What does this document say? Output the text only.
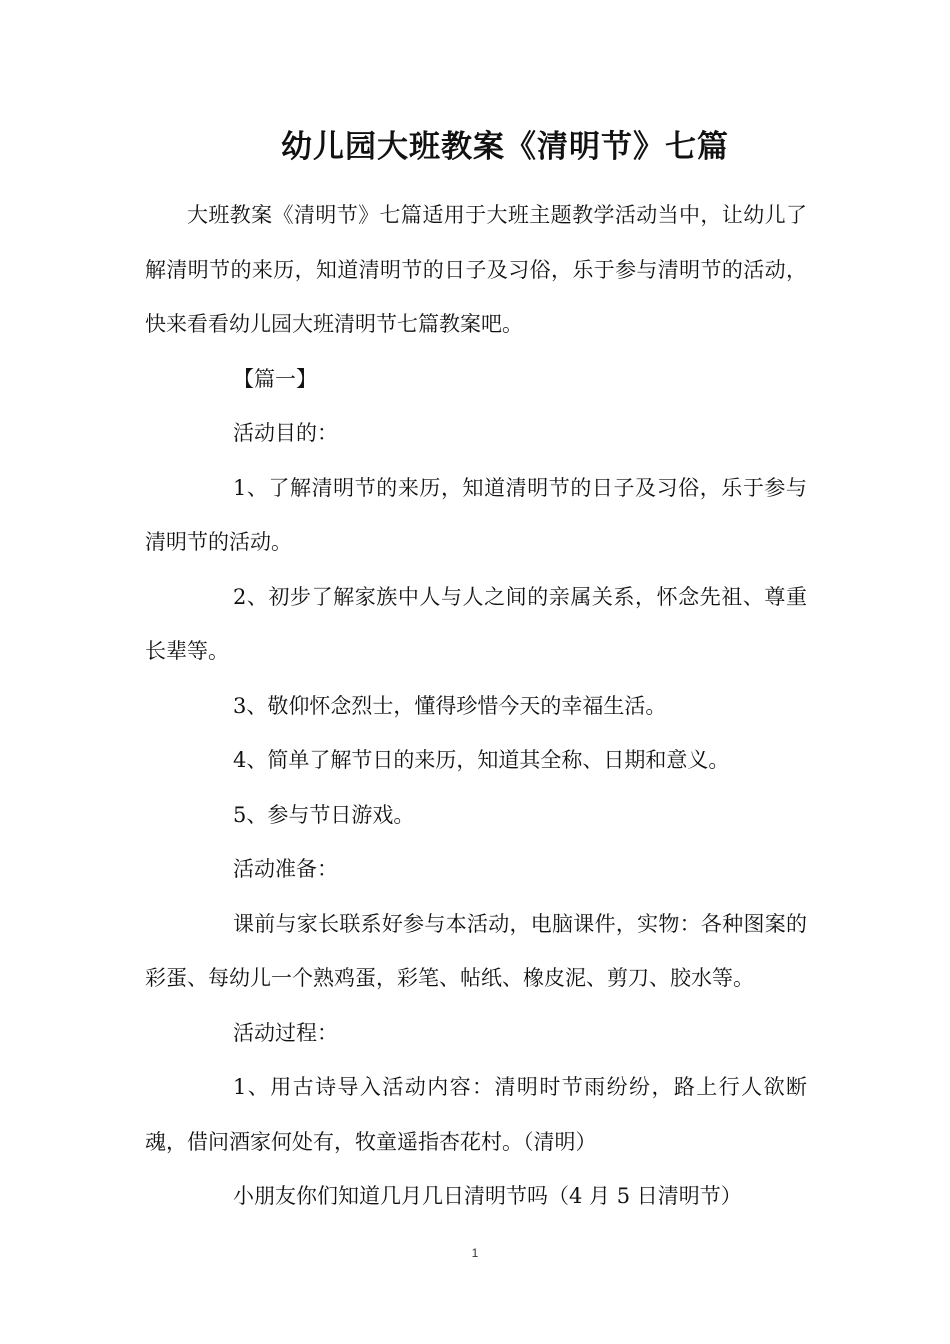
幼儿园大班教案《清明节》七篇

大班教案《清明节》七篇适用于大班主题教学活动当中，让幼儿了解清明节的来历，知道清明节的日子及习俗，乐于参与清明节的活动，快来看看幼儿园大班清明节七篇教案吧。

【篇一】

活动目的：

1、了解清明节的来历，知道清明节的日子及习俗，乐于参与清明节的活动。

2、初步了解家族中人与人之间的亲属关系，怀念先祖、尊重长辈等。

3、敬仰怀念烈士，懂得珍惜今天的幸福生活。

4、简单了解节日的来历，知道其全称、日期和意义。

5、参与节日游戏。

活动准备：

课前与家长联系好参与本活动，电脑课件，实物：各种图案的彩蛋、每幼儿一个熟鸡蛋，彩笔、帖纸、橡皮泥、剪刀、胶水等。

活动过程：

1、用古诗导入活动内容：清明时节雨纷纷，路上行人欲断魂，借问酒家何处有，牧童遥指杏花村。（清明）

小朋友你们知道几月几日清明节吗（4 月 5 日清明节）

1
